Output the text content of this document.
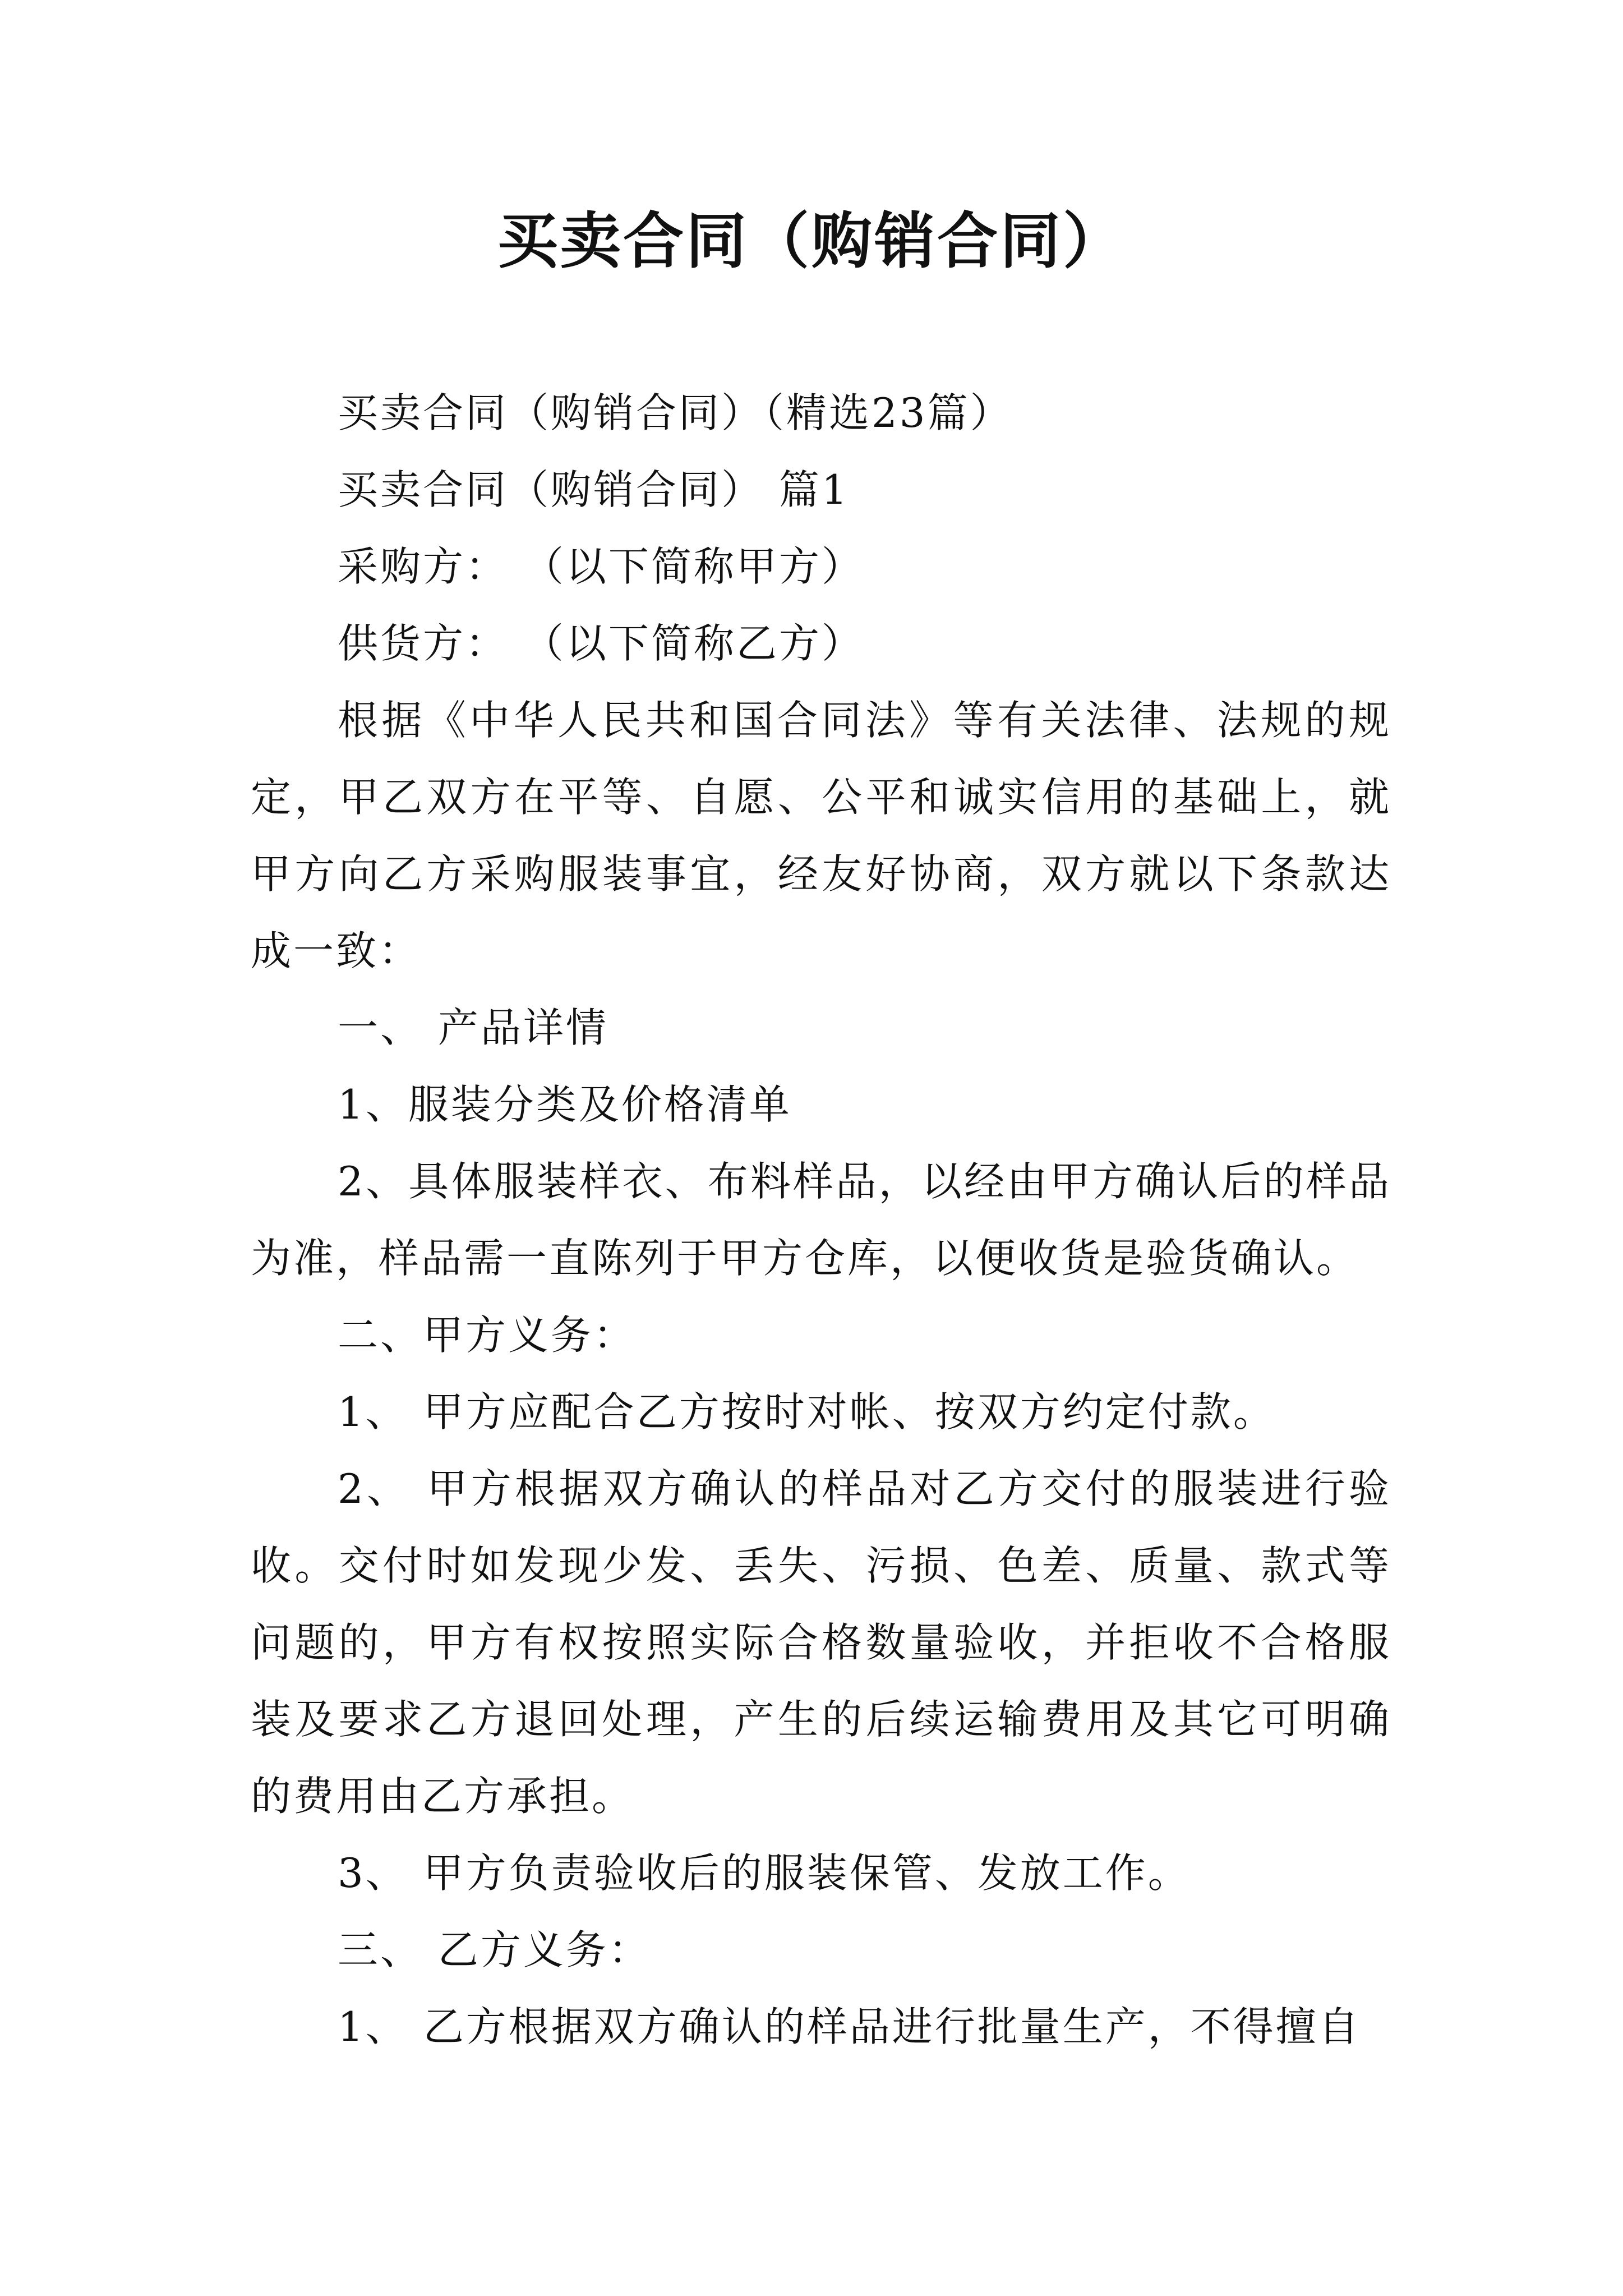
买卖合同（购销合同）

买卖合同（购销合同）（精选23篇）

买卖合同（购销合同） 篇1

采购方： （以下简称甲方）

供货方： （以下简称乙方）

根据《中华人民共和国合同法》等有关法律、法规的规定，甲乙双方在平等、自愿、公平和诚实信用的基础上，就甲方向乙方采购服装事宜，经友好协商，双方就以下条款达成一致：

一、 产品详情

1、服装分类及价格清单

2、具体服装样衣、布料样品，以经由甲方确认后的样品为准，样品需一直陈列于甲方仓库，以便收货是验货确认。

二、甲方义务：

1、 甲方应配合乙方按时对帐、按双方约定付款。

2、 甲方根据双方确认的样品对乙方交付的服装进行验收。交付时如发现少发、丢失、污损、色差、质量、款式等问题的，甲方有权按照实际合格数量验收，并拒收不合格服装及要求乙方退回处理，产生的后续运输费用及其它可明确的费用由乙方承担。

3、 甲方负责验收后的服装保管、发放工作。

三、 乙方义务：

1、 乙方根据双方确认的样品进行批量生产，不得擅自
